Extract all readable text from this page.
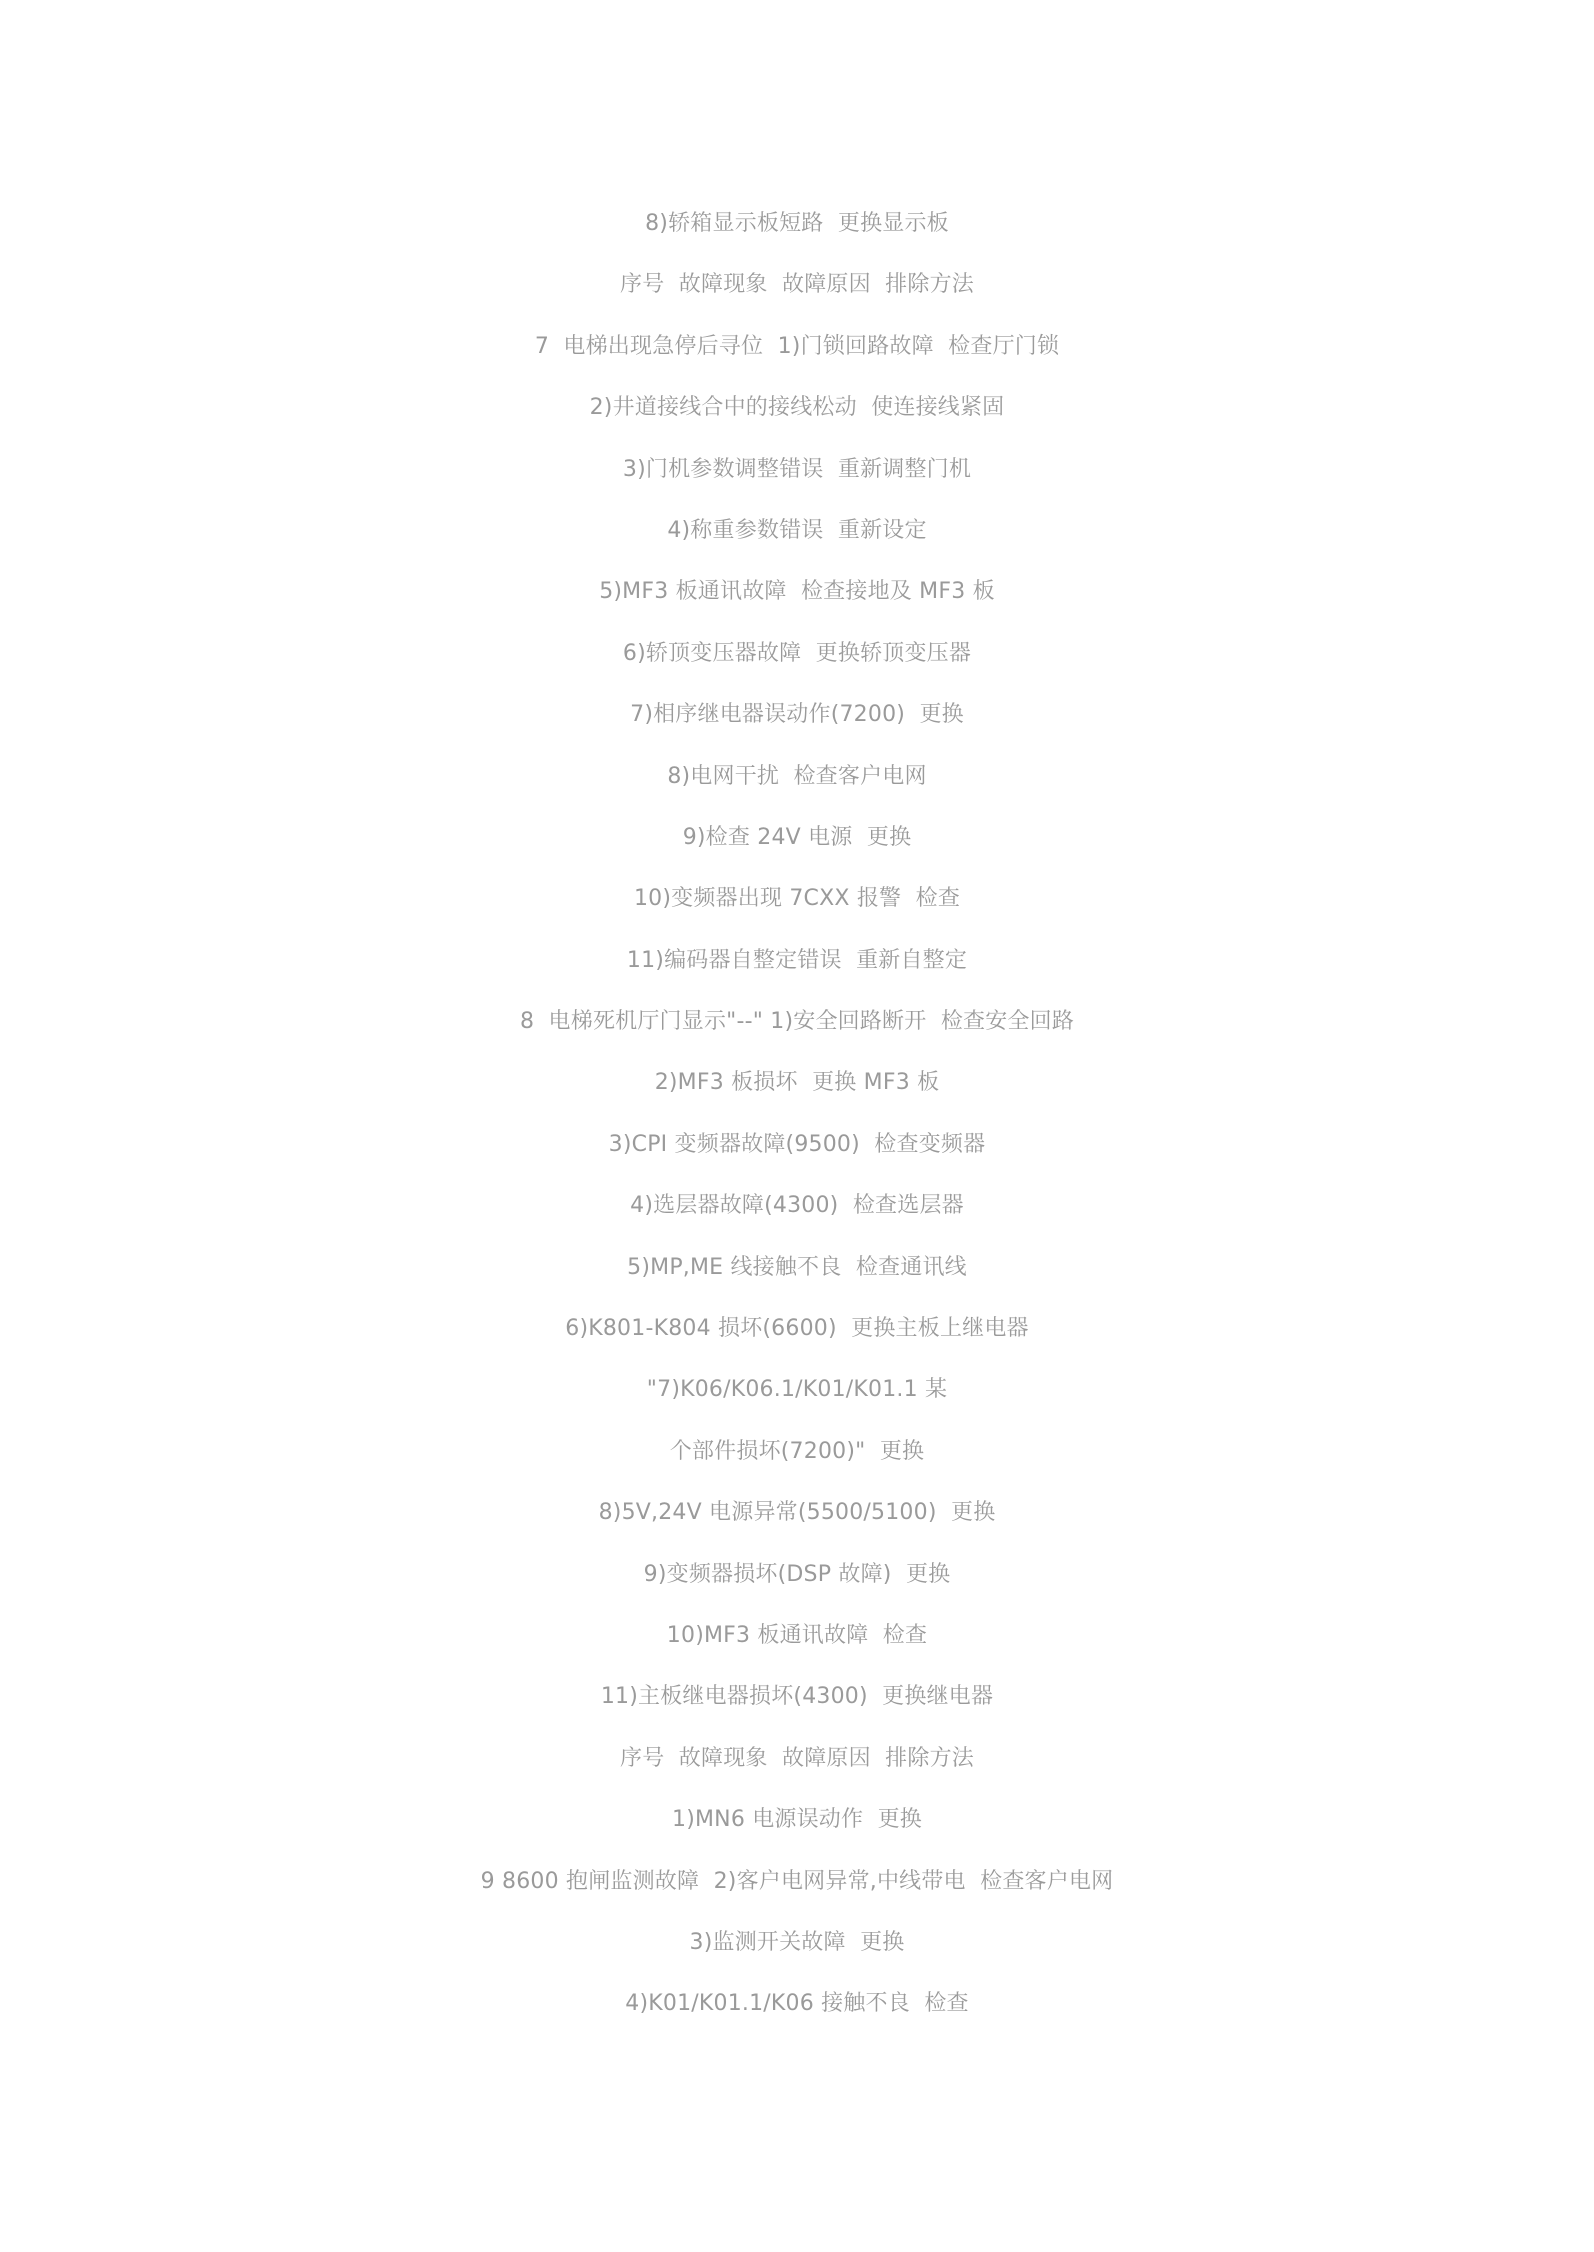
8)轿箱显示板短路  更换显示板
序号  故障现象  故障原因  排除方法
7  电梯出现急停后寻位  1)门锁回路故障  检查厅门锁
2)井道接线合中的接线松动  使连接线紧固
3)门机参数调整错误  重新调整门机
4)称重参数错误  重新设定
5)MF3 板通讯故障  检查接地及 MF3 板
6)轿顶变压器故障  更换轿顶变压器
7)相序继电器误动作(7200)  更换
8)电网干扰  检查客户电网
9)检查 24V 电源  更换
10)变频器出现 7CXX 报警  检查
11)编码器自整定错误  重新自整定
8  电梯死机厅门显示"--" 1)安全回路断开  检查安全回路
2)MF3 板损坏  更换 MF3 板
3)CPI 变频器故障(9500)  检查变频器
4)选层器故障(4300)  检查选层器
5)MP,ME 线接触不良  检查通讯线
6)K801-K804 损坏(6600)  更换主板上继电器
"7)K06/K06.1/K01/K01.1 某
个部件损坏(7200)"  更换
8)5V,24V 电源异常(5500/5100)  更换
9)变频器损坏(DSP 故障)  更换
10)MF3 板通讯故障  检查
11)主板继电器损坏(4300)  更换继电器
序号  故障现象  故障原因  排除方法
1)MN6 电源误动作  更换
9 8600 抱闸监测故障  2)客户电网异常,中线带电  检查客户电网
3)监测开关故障  更换
4)K01/K01.1/K06 接触不良  检查
